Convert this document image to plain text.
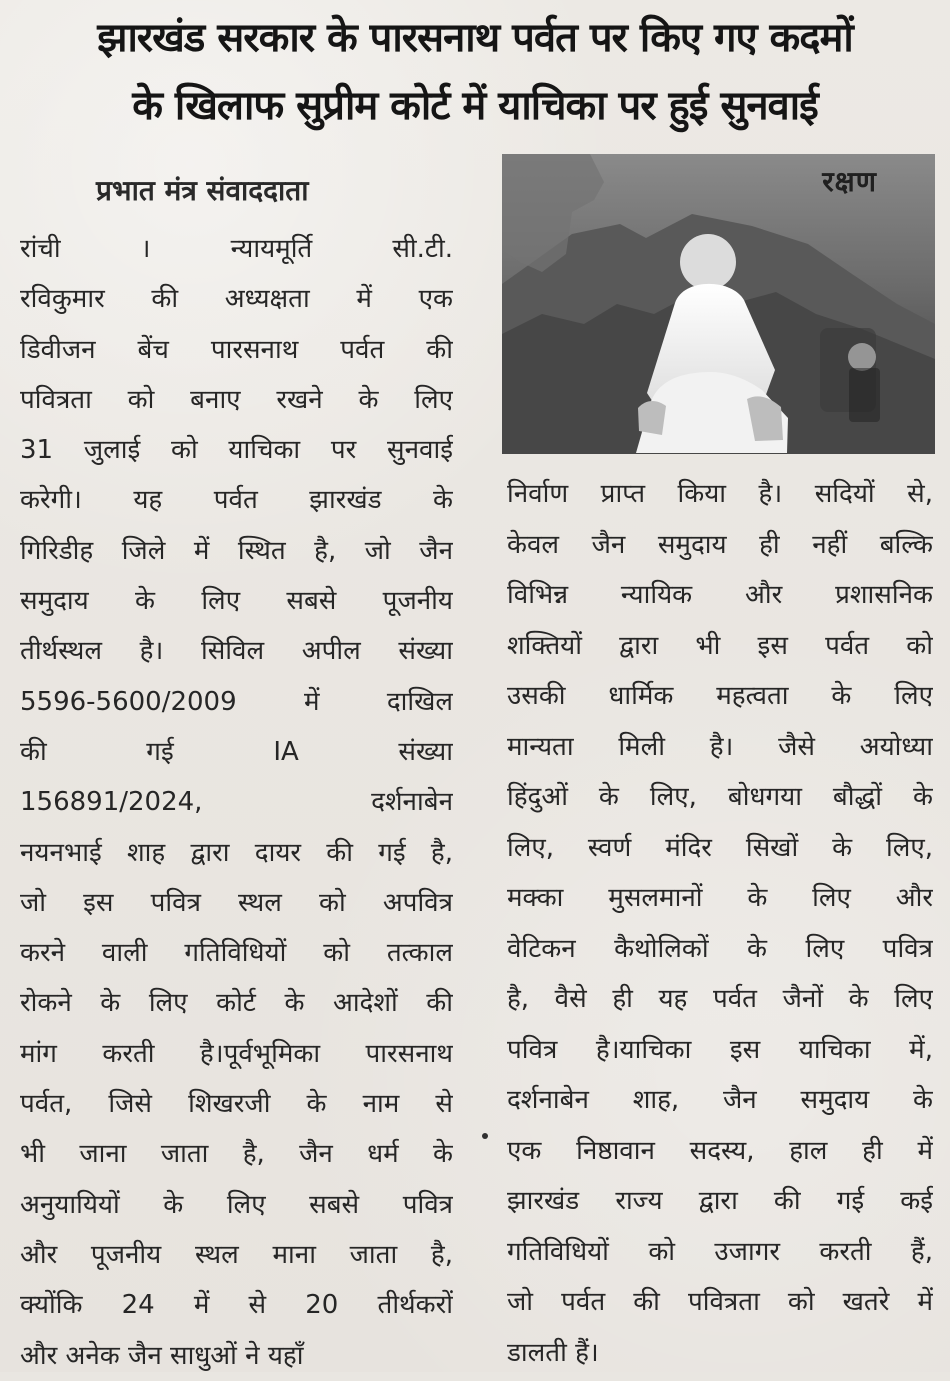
झारखंड सरकार के पारसनाथ पर्वत पर किए गए कदमों
के खिलाफ सुप्रीम कोर्ट में याचिका पर हुई सुनवाई
प्रभात मंत्र संवाददाता	रक्षण
रांची । न्यायमूर्ति सी.टी.
रविकुमार की अध्यक्षता में एक
डिवीजन बेंच पारसनाथ पर्वत की
पवित्रता को बनाए रखने के लिए
31 जुलाई को याचिका पर सुनवाई
करेगी। यह पर्वत झारखंड के
गिरिडीह जिले में स्थित है, जो जैन
समुदाय के लिए सबसे पूजनीय
तीर्थस्थल है। सिविल अपील संख्या
5596-5600/2009 में दाखिल
की गई IA संख्या
156891/2024, दर्शनाबेन
नयनभाई शाह द्वारा दायर की गई है,
जो इस पवित्र स्थल को अपवित्र
करने वाली गतिविधियों को तत्काल
रोकने के लिए कोर्ट के आदेशों की
मांग करती है।पूर्वभूमिका पारसनाथ
पर्वत, जिसे शिखरजी के नाम से
भी जाना जाता है, जैन धर्म के
अनुयायियों के लिए सबसे पवित्र
और पूजनीय स्थल माना जाता है,
क्योंकि 24 में से 20 तीर्थकरों
और अनेक जैन साधुओं ने यहाँ
निर्वाण प्राप्त किया है। सदियों से,
केवल जैन समुदाय ही नहीं बल्कि
विभिन्न न्यायिक और प्रशासनिक
शक्तियों द्वारा भी इस पर्वत को
उसकी धार्मिक महत्वता के लिए
मान्यता मिली है। जैसे अयोध्या
हिंदुओं के लिए, बोधगया बौद्धों के
लिए, स्वर्ण मंदिर सिखों के लिए,
मक्का मुसलमानों के लिए और
वेटिकन कैथोलिकों के लिए पवित्र
है, वैसे ही यह पर्वत जैनों के लिए
पवित्र है।याचिका इस याचिका में,
दर्शनाबेन शाह, जैन समुदाय के
एक निष्ठावान सदस्य, हाल ही में
झारखंड राज्य द्वारा की गई कई
गतिविधियों को उजागर करती हैं,
जो पर्वत की पवित्रता को खतरे में
डालती हैं।
